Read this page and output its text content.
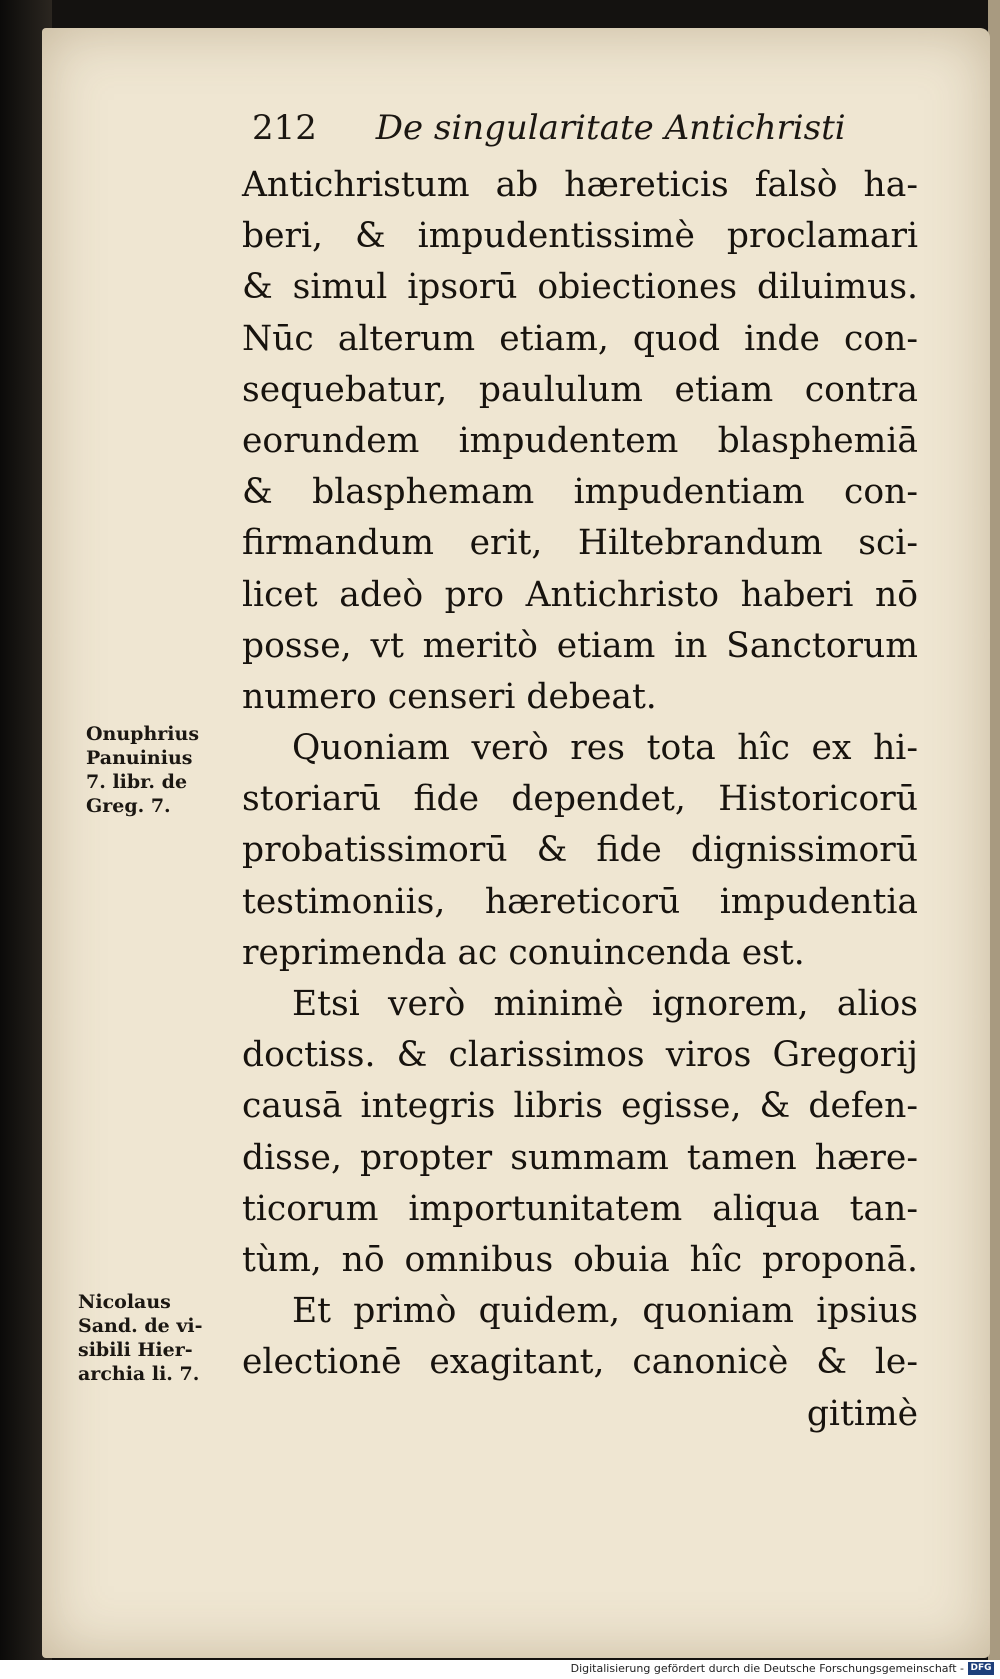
212 De singularitate Antichristi
Antichristum ab hæreticis falsò ha-
beri, & impudentissimè proclamari
& simul ipsorū obiectiones diluimus.
Nūc alterum etiam, quod inde con-
sequebatur, paululum etiam contra
eorundem impudentem blasphemiā
& blasphemam impudentiam con-
firmandum erit, Hiltebrandum sci-
licet adeò pro Antichristo haberi nō
posse, vt meritò etiam in Sanctorum
numero censeri debeat.
Quoniam verò res tota hîc ex hi-
storiarū fide dependet, Historicorū
probatissimorū & fide dignissimorū
testimoniis, hæreticorū impudentia
reprimenda ac conuincenda est.
Etsi verò minimè ignorem, alios
doctiss. & clarissimos viros Gregorij
causā integris libris egisse, & defen-
disse, propter summam tamen hære-
ticorum importunitatem aliqua tan-
tùm, nō omnibus obuia hîc proponā.
Et primò quidem, quoniam ipsius
electionē exagitant, canonicè & le-
gitimè
Onuphrius
Panuinius
7. libr. de
Greg. 7.
Nicolaus
Sand. de vi-
sibili Hier-
archia li. 7.
Digitalisierung gefördert durch die Deutsche Forschungsgemeinschaft - DFG
